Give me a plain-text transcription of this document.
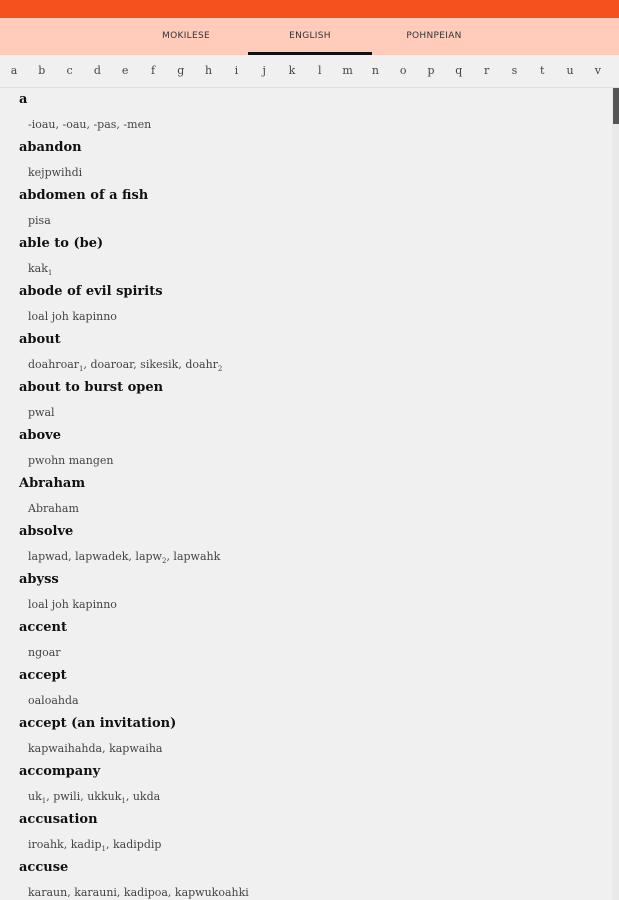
MOKILESE	ENGLISH	POHNPEIAN
a	b	c	d	e	f	g	h	i	j	k	l	m	n	o	p	q	r	s	t	u	v
a
-ioau, -oau, -pas, -men
abandon
kejpwihdi
abdomen of a fish
pisa
able to (be)
kak$_1$
abode of evil spirits
loal joh kapinno
about
doahroar$_1$, doaroar, sikesik, doahr$_2$
about to burst open
pwal
above
pwohn mangen
Abraham
Abraham
absolve
lapwad, lapwadek, lapw$_2$, lapwahk
abyss
loal joh kapinno
accent
ngoar
accept
oaloahda
accept (an invitation)
kapwaihahda, kapwaiha
accompany
$uk_1$, pwili, ukkuk$_1$, ukda
accusation
iroahk, kadip$_1$, kadipdip
accuse
karaun, karauni, kadipoa, kapwukoahki
